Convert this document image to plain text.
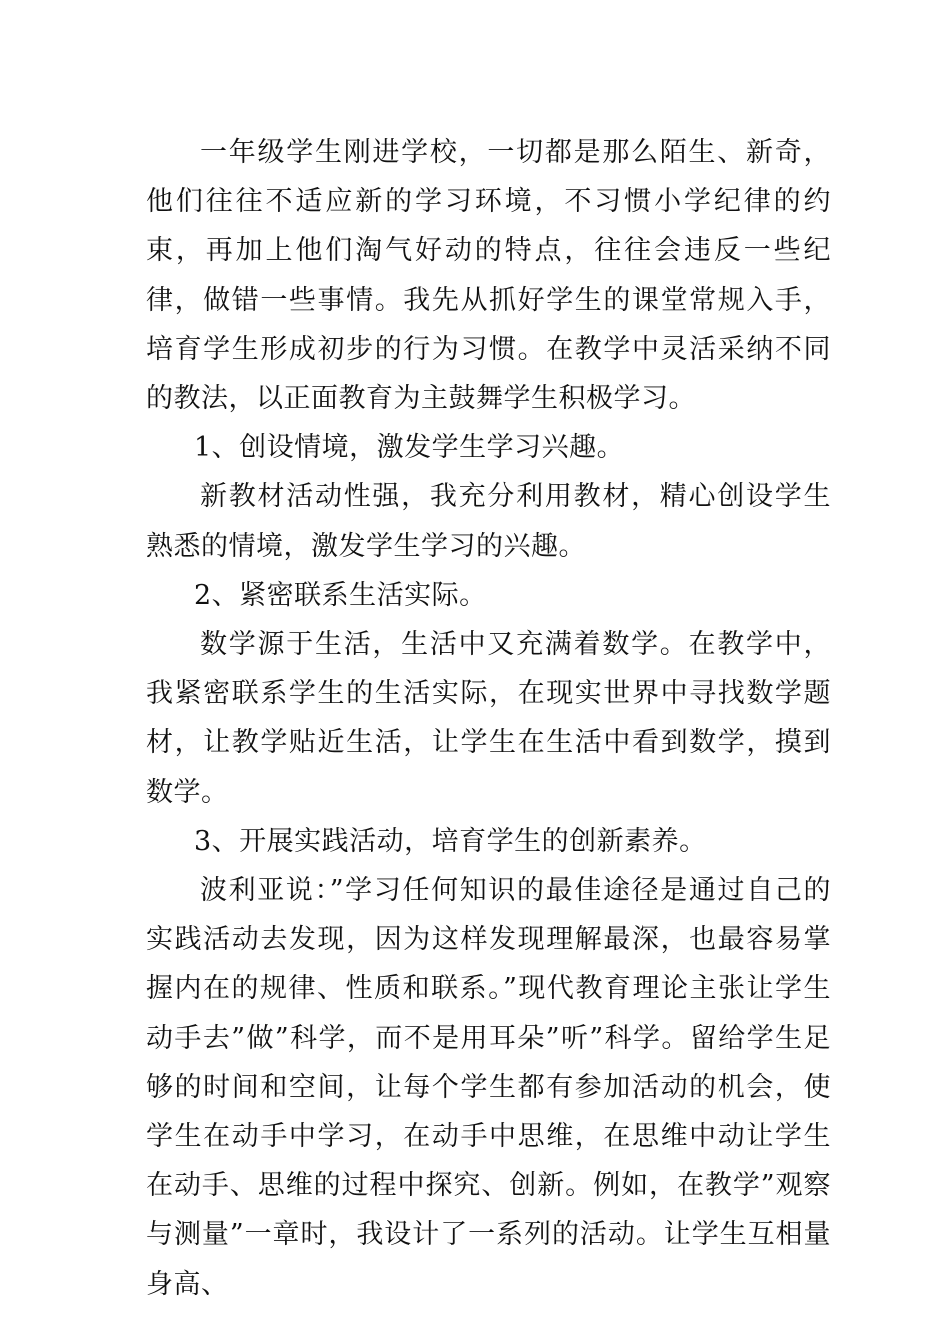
一年级学生刚进学校，一切都是那么陌生、新奇，他们往往不适应新的学习环境，不习惯小学纪律的约束，再加上他们淘气好动的特点，往往会违反一些纪律，做错一些事情。我先从抓好学生的课堂常规入手，培育学生形成初步的行为习惯。在教学中灵活采纳不同的教法，以正面教育为主鼓舞学生积极学习。

1、创设情境，激发学生学习兴趣。

新教材活动性强，我充分利用教材，精心创设学生熟悉的情境，激发学生学习的兴趣。

2、紧密联系生活实际。

数学源于生活，生活中又充满着数学。在教学中，我紧密联系学生的生活实际，在现实世界中寻找数学题材，让教学贴近生活，让学生在生活中看到数学，摸到数学。

3、开展实践活动，培育学生的创新素养。

波利亚说：”学习任何知识的最佳途径是通过自己的实践活动去发现，因为这样发现理解最深，也最容易掌握内在的规律、性质和联系。”现代教育理论主张让学生动手去”做”科学，而不是用耳朵”听”科学。留给学生足够的时间和空间，让每个学生都有参加活动的机会，使学生在动手中学习，在动手中思维，在思维中动让学生在动手、思维的过程中探究、创新。例如，在教学”观察与测量”一章时，我设计了一系列的活动。让学生互相量身高、
